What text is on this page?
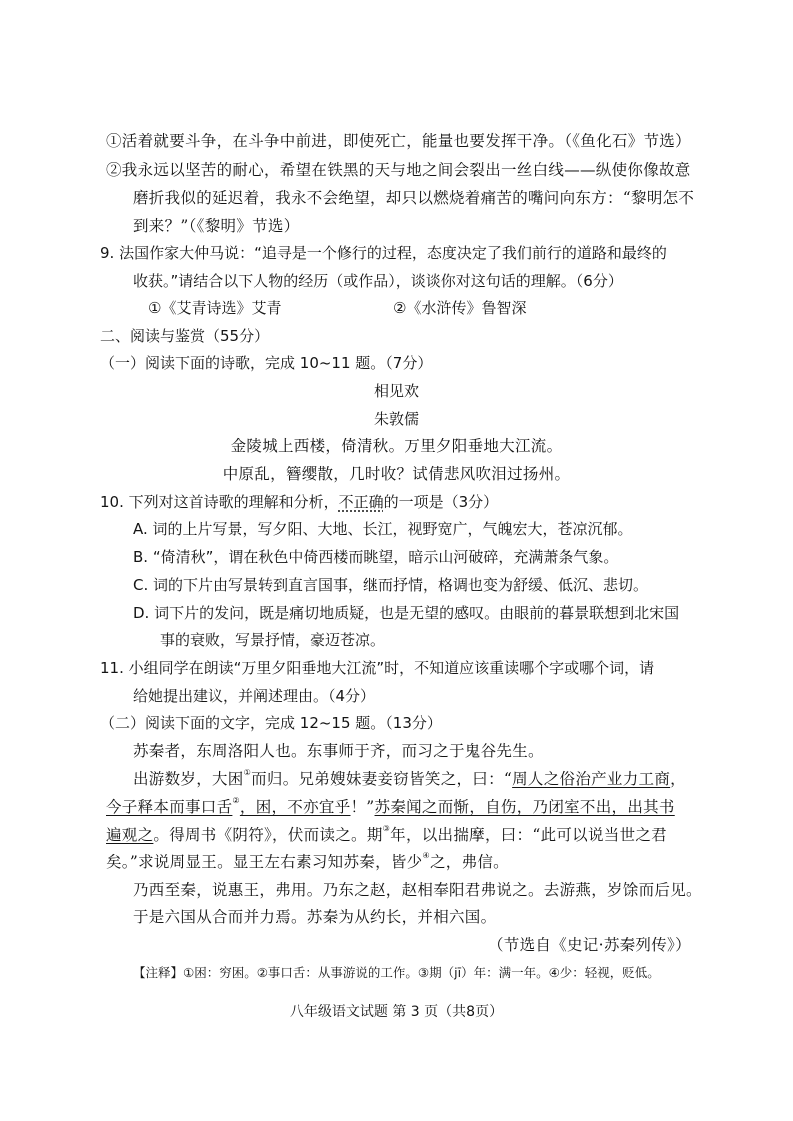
①活着就要斗争，在斗争中前进，即使死亡，能量也要发挥干净。（《鱼化石》节选）
②我永远以坚苦的耐心，希望在铁黑的天与地之间会裂出一丝白线——纵使你像故意
磨折我似的延迟着，我永不会绝望，却只以燃烧着痛苦的嘴问向东方：“黎明怎不
到来？”（《黎明》节选）
9. 法国作家大仲马说：“追寻是一个修行的过程，态度决定了我们前行的道路和最终的
收获。”请结合以下人物的经历（或作品），谈谈你对这句话的理解。（6分）
①《艾青诗选》艾青	②《水浒传》鲁智深
二、阅读与鉴赏（55分）
（一）阅读下面的诗歌，完成 10~11 题。（7分）
相见欢
朱敦儒
金陵城上西楼，倚清秋。万里夕阳垂地大江流。
中原乱，簪缨散，几时收？试倩悲风吹泪过扬州。
10. 下列对这首诗歌的理解和分析，不正确的一项是（3分）
A. 词的上片写景，写夕阳、大地、长江，视野宽广，气魄宏大，苍凉沉郁。
B. “倚清秋”，谓在秋色中倚西楼而眺望，暗示山河破碎，充满萧条气象。
C. 词的下片由写景转到直言国事，继而抒情，格调也变为舒缓、低沉、悲切。
D. 词下片的发问，既是痛切地质疑，也是无望的感叹。由眼前的暮景联想到北宋国
事的衰败，写景抒情，豪迈苍凉。
11. 小组同学在朗读“万里夕阳垂地大江流”时，不知道应该重读哪个字或哪个词，请
给她提出建议，并阐述理由。（4分）
（二）阅读下面的文字，完成 12~15 题。（13分）
苏秦者，东周洛阳人也。东事师于齐，而习之于鬼谷先生。
出游数岁，大困①而归。兄弟嫂妹妻妾窃皆笑之，曰：“周人之俗治产业力工商，
今子释本而事口舌②，困，不亦宜乎！”苏秦闻之而惭，自伤，乃闭室不出，出其书
遍观之。得周书《阴符》，伏而读之。期③年，以出揣摩，曰：“此可以说当世之君
矣。”求说周显王。显王左右素习知苏秦，皆少④之，弗信。
乃西至秦，说惠王，弗用。乃东之赵，赵相奉阳君弗说之。去游燕，岁馀而后见。
于是六国从合而并力焉。苏秦为从约长，并相六国。
（节选自《史记·苏秦列传》）
【注释】①困：穷困。②事口舌：从事游说的工作。③期（jī）年：满一年。④少：轻视，贬低。
八年级语文试题 第 3 页（共8页）
